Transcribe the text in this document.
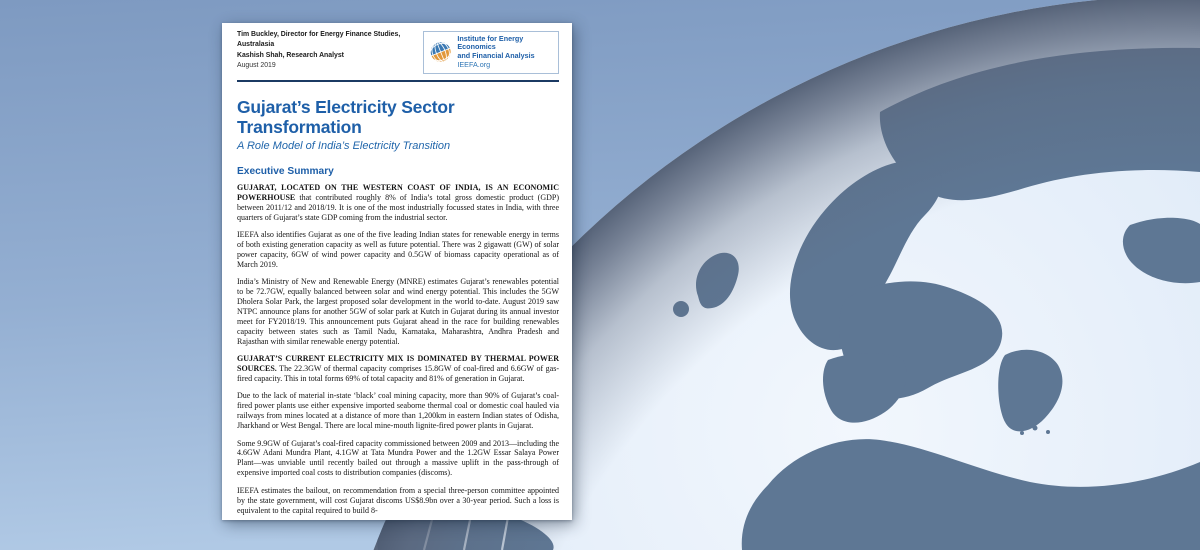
Tim Buckley, Director for Energy Finance Studies, Australasia
Kashish Shah, Research Analyst
August 2019
Institute for Energy Economics
and Financial Analysis
IEEFA.org
Gujarat’s Electricity Sector Transformation
A Role Model of India’s Electricity Transition
Executive Summary

GUJARAT, LOCATED ON THE WESTERN COAST OF INDIA, IS AN ECONOMIC POWERHOUSE that contributed roughly 8% of India’s total gross domestic product (GDP) between 2011/12 and 2018/19. It is one of the most industrially focussed states in India, with three quarters of Gujarat’s state GDP coming from the industrial sector.

IEEFA also identifies Gujarat as one of the five leading Indian states for renewable energy in terms of both existing generation capacity as well as future potential. There was 2 gigawatt (GW) of solar power capacity, 6GW of wind power capacity and 0.5GW of biomass capacity operational as of March 2019.

India’s Ministry of New and Renewable Energy (MNRE) estimates Gujarat’s renewables potential to be 72.7GW, equally balanced between solar and wind energy potential. This includes the 5GW Dholera Solar Park, the largest proposed solar development in the world to-date. August 2019 saw NTPC announce plans for another 5GW of solar park at Kutch in Gujarat during its annual investor meet for FY2018/19. This announcement puts Gujarat ahead in the race for building renewables capacity between states such as Tamil Nadu, Karnataka, Maharashtra, Andhra Pradesh and Rajasthan with similar renewable energy potential.

GUJARAT’S CURRENT ELECTRICITY MIX IS DOMINATED BY THERMAL POWER SOURCES. The 22.3GW of thermal capacity comprises 15.8GW of coal-fired and 6.6GW of gas-fired capacity. This in total forms 69% of total capacity and 81% of generation in Gujarat.

Due to the lack of material in-state ‘black’ coal mining capacity, more than 90% of Gujarat’s coal-fired power plants use either expensive imported seaborne thermal coal or domestic coal hauled via railways from mines located at a distance of more than 1,200km in eastern Indian states of Odisha, Jharkhand or West Bengal. There are local mine-mouth lignite-fired power plants in Gujarat.

Some 9.9GW of Gujarat’s coal-fired capacity commissioned between 2009 and 2013—including the 4.6GW Adani Mundra Plant, 4.1GW at Tata Mundra Power and the 1.2GW Essar Salaya Power Plant—was unviable until recently bailed out through a massive uplift in the pass-through of expensive imported coal costs to distribution companies (discoms).

IEEFA estimates the bailout, on recommendation from a special three-person committee appointed by the state government, will cost Gujarat discoms US$8.9bn over a 30-year period. Such a loss is equivalent to the capital required to build 8-
